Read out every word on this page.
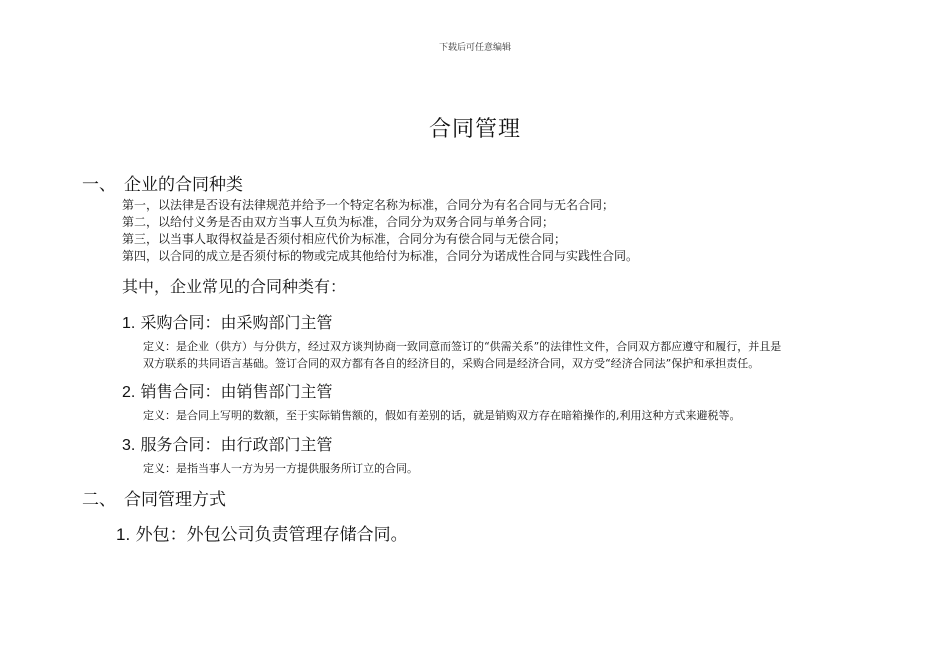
下载后可任意编辑
合同管理
一、 企业的合同种类
第一，以法律是否设有法律规范并给予一个特定名称为标准，合同分为有名合同与无名合同；
第二，以给付义务是否由双方当事人互负为标准，合同分为双务合同与单务合同；
第三，以当事人取得权益是否须付相应代价为标准，合同分为有偿合同与无偿合同；
第四，以合同的成立是否须付标的物或完成其他给付为标准，合同分为诺成性合同与实践性合同。
其中，企业常见的合同种类有：
1. 采购合同：由采购部门主管
定义：是企业（供方）与分供方，经过双方谈判协商一致同意而签订的“供需关系”的法律性文件，合同双方都应遵守和履行，并且是
双方联系的共同语言基础。签订合同的双方都有各自的经济目的，采购合同是经济合同，双方受“经济合同法”保护和承担责任。
2. 销售合同：由销售部门主管
定义：是合同上写明的数额，至于实际销售额的，假如有差别的话，就是销购双方存在暗箱操作的,利用这种方式来避税等。
3. 服务合同：由行政部门主管
定义：是指当事人一方为另一方提供服务所订立的合同。
二、 合同管理方式
1. 外包：外包公司负责管理存储合同。
